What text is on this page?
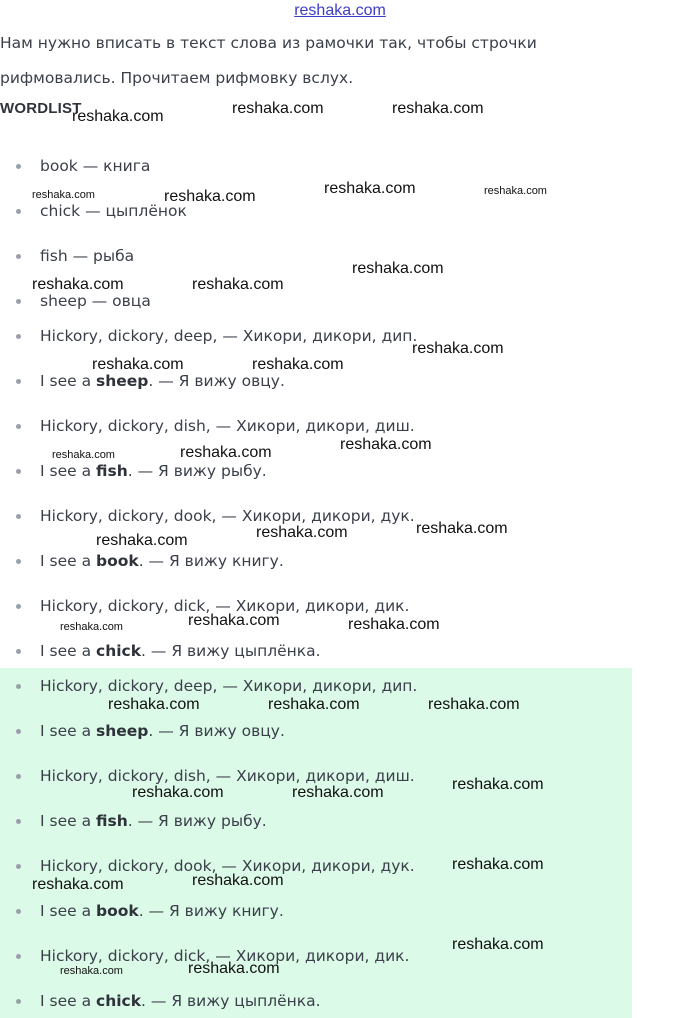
reshaka.com
Нам нужно вписать в текст слова из рамочки так, чтобы строчки
рифмовались. Прочитаем рифмовку вслух.
WORDLIST
book — книга
chick — цыплёнок
fish — рыба
sheep — овца
Hickory, dickory, deep, — Хикори, дикори, дип.
I see a sheep. — Я вижу овцу.
Hickory, dickory, dish, — Хикори, дикори, диш.
I see a fish. — Я вижу рыбу.
Hickory, dickory, dook, — Хикори, дикори, дук.
I see a book. — Я вижу книгу.
Hickory, dickory, dick, — Хикори, дикори, дик.
I see a chick. — Я вижу цыплёнка.
Hickory, dickory, deep, — Хикори, дикори, дип.
I see a sheep. — Я вижу овцу.
Hickory, dickory, dish, — Хикори, дикори, диш.
I see a fish. — Я вижу рыбу.
Hickory, dickory, dook, — Хикори, дикори, дук.
I see a book. — Я вижу книгу.
Hickory, dickory, dick, — Хикори, дикори, дик.
I see a chick. — Я вижу цыплёнка.
reshaka.com	reshaka.com	reshaka.com
reshaka.com	reshaka.com	reshaka.com	reshaka.com
reshaka.com	reshaka.com
reshaka.com
reshaka.com	reshaka.com
reshaka.com
reshaka.com	reshaka.com	reshaka.com
reshaka.com	reshaka.com	reshaka.com
reshaka.com	reshaka.com	reshaka.com
reshaka.com	reshaka.com	reshaka.com
reshaka.com	reshaka.com	reshaka.com
reshaka.com	reshaka.com
reshaka.com
reshaka.com	reshaka.com
reshaka.com
